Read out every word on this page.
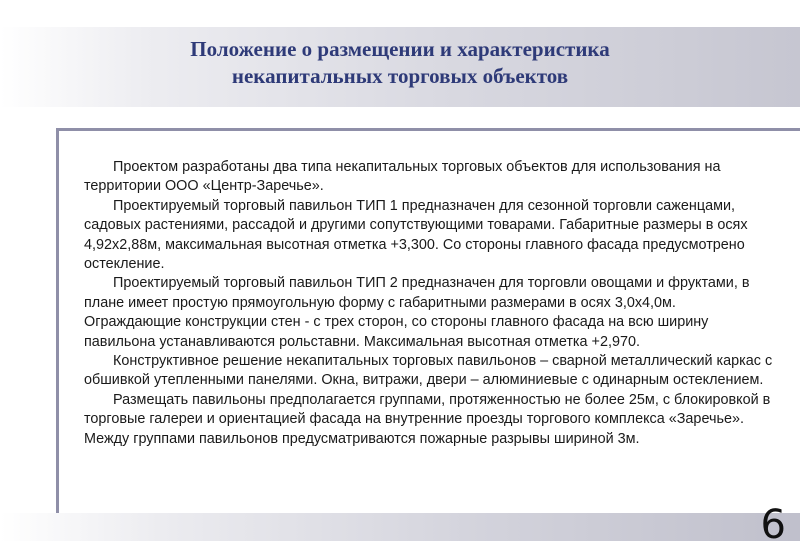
Положение о размещении и характеристика
некапитальных торговых объектов

Проектом разработаны два типа некапитальных торговых объектов для использования на территории ООО «Центр-Заречье».

Проектируемый торговый павильон ТИП 1 предназначен для сезонной торговли саженцами, садовых растениями, рассадой и другими сопутствующими товарами. Габаритные размеры в осях 4,92х2,88м, максимальная высотная отметка +3,300. Со стороны главного фасада предусмотрено остекление.

Проектируемый торговый павильон ТИП 2 предназначен для торговли овощами и фруктами, в плане имеет простую прямоугольную форму с габаритными размерами в осях 3,0х4,0м. Ограждающие конструкции стен - с трех сторон, со стороны главного фасада на всю ширину павильона устанавливаются рольставни. Максимальная высотная отметка +2,970.

Конструктивное решение некапитальных торговых павильонов – сварной металлический каркас с обшивкой утепленными панелями. Окна, витражи, двери – алюминиевые с одинарным остеклением.

Размещать павильоны предполагается группами, протяженностью не более 25м, с блокировкой в торговые галереи и ориентацией фасада на внутренние проезды торгового комплекса «Заречье». Между группами павильонов предусматриваются пожарные разрывы шириной 3м.

6
